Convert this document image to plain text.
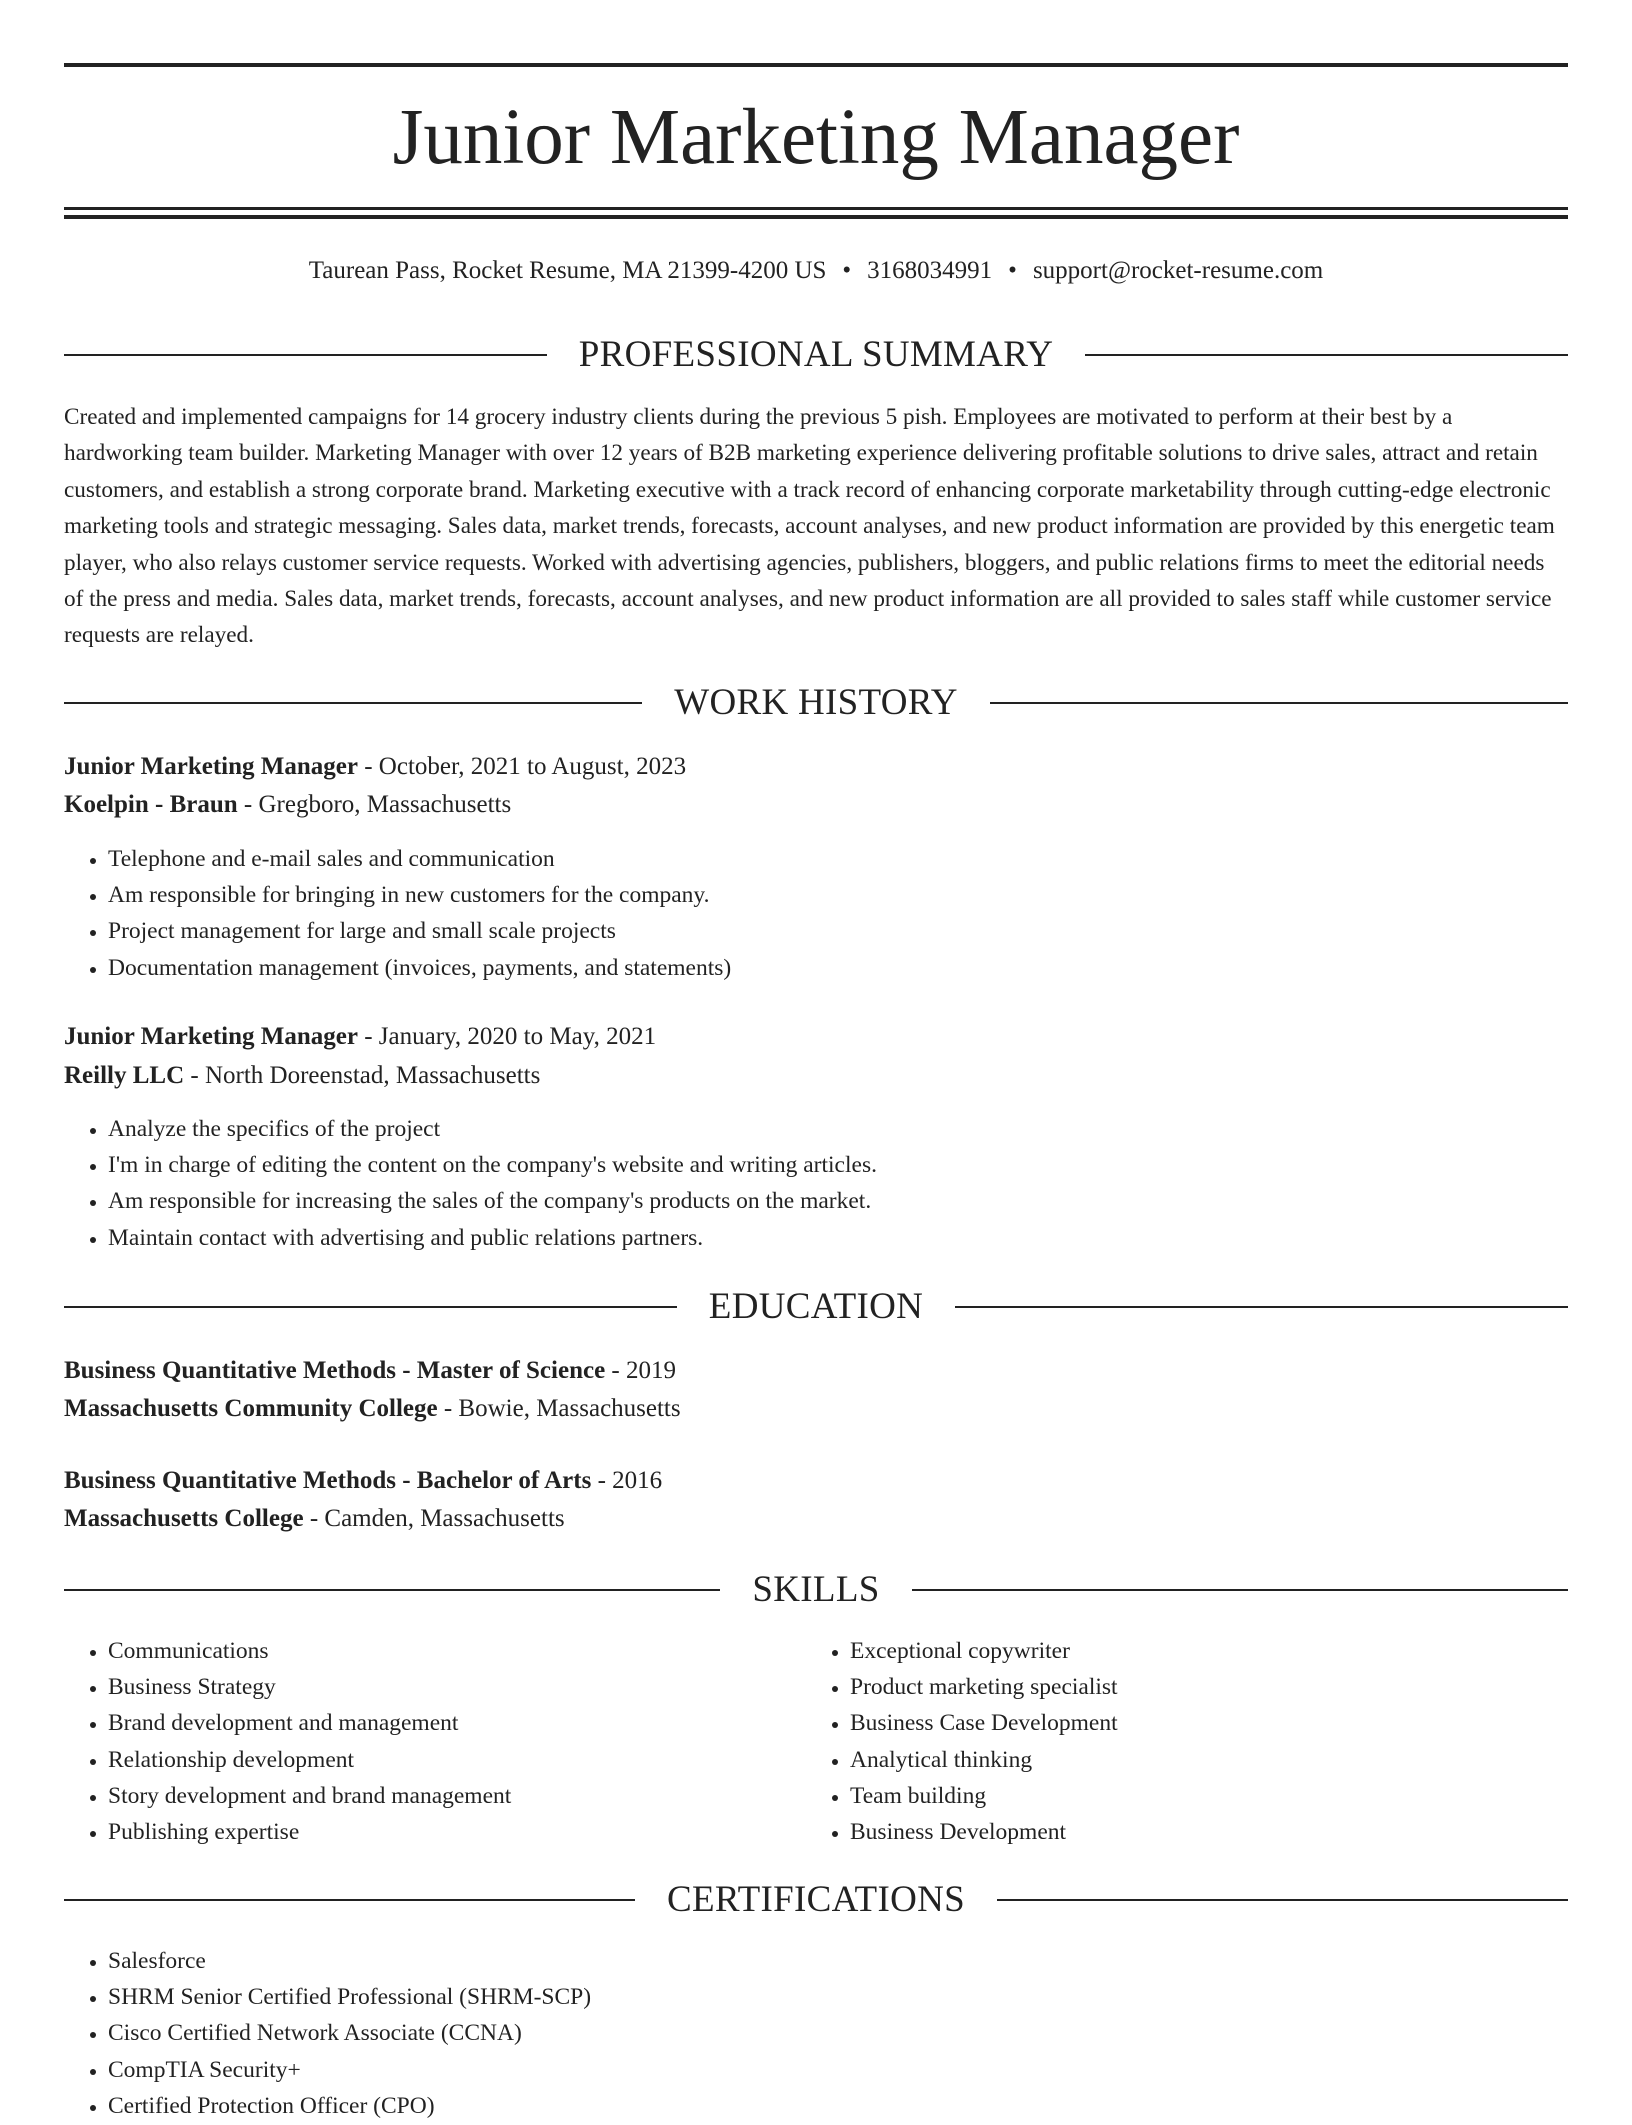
Junior Marketing Manager
Taurean Pass, Rocket Resume, MA 21399-4200 US • 3168034991 • support@rocket-resume.com
PROFESSIONAL SUMMARY

Created and implemented campaigns for 14 grocery industry clients during the previous 5 pish. Employees are motivated to perform at their best by a hardworking team builder. Marketing Manager with over 12 years of B2B marketing experience delivering profitable solutions to drive sales, attract and retain customers, and establish a strong corporate brand. Marketing executive with a track record of enhancing corporate marketability through cutting-edge electronic marketing tools and strategic messaging. Sales data, market trends, forecasts, account analyses, and new product information are provided by this energetic team player, who also relays customer service requests. Worked with advertising agencies, publishers, bloggers, and public relations firms to meet the editorial needs of the press and media. Sales data, market trends, forecasts, account analyses, and new product information are all provided to sales staff while customer service requests are relayed.

WORK HISTORY
Junior Marketing Manager - October, 2021 to August, 2023
Koelpin - Braun - Gregboro, Massachusetts
• Telephone and e-mail sales and communication
• Am responsible for bringing in new customers for the company.
• Project management for large and small scale projects
• Documentation management (invoices, payments, and statements)
Junior Marketing Manager - January, 2020 to May, 2021
Reilly LLC - North Doreenstad, Massachusetts
• Analyze the specifics of the project
• I'm in charge of editing the content on the company's website and writing articles.
• Am responsible for increasing the sales of the company's products on the market.
• Maintain contact with advertising and public relations partners.
EDUCATION
Business Quantitative Methods - Master of Science - 2019
Massachusetts Community College - Bowie, Massachusetts
Business Quantitative Methods - Bachelor of Arts - 2016
Massachusetts College - Camden, Massachusetts
SKILLS
• Communications
• Business Strategy
• Brand development and management
• Relationship development
• Story development and brand management
• Publishing expertise
• Exceptional copywriter
• Product marketing specialist
• Business Case Development
• Analytical thinking
• Team building
• Business Development
CERTIFICATIONS
• Salesforce
• SHRM Senior Certified Professional (SHRM-SCP)
• Cisco Certified Network Associate (CCNA)
• CompTIA Security+
• Certified Protection Officer (CPO)
